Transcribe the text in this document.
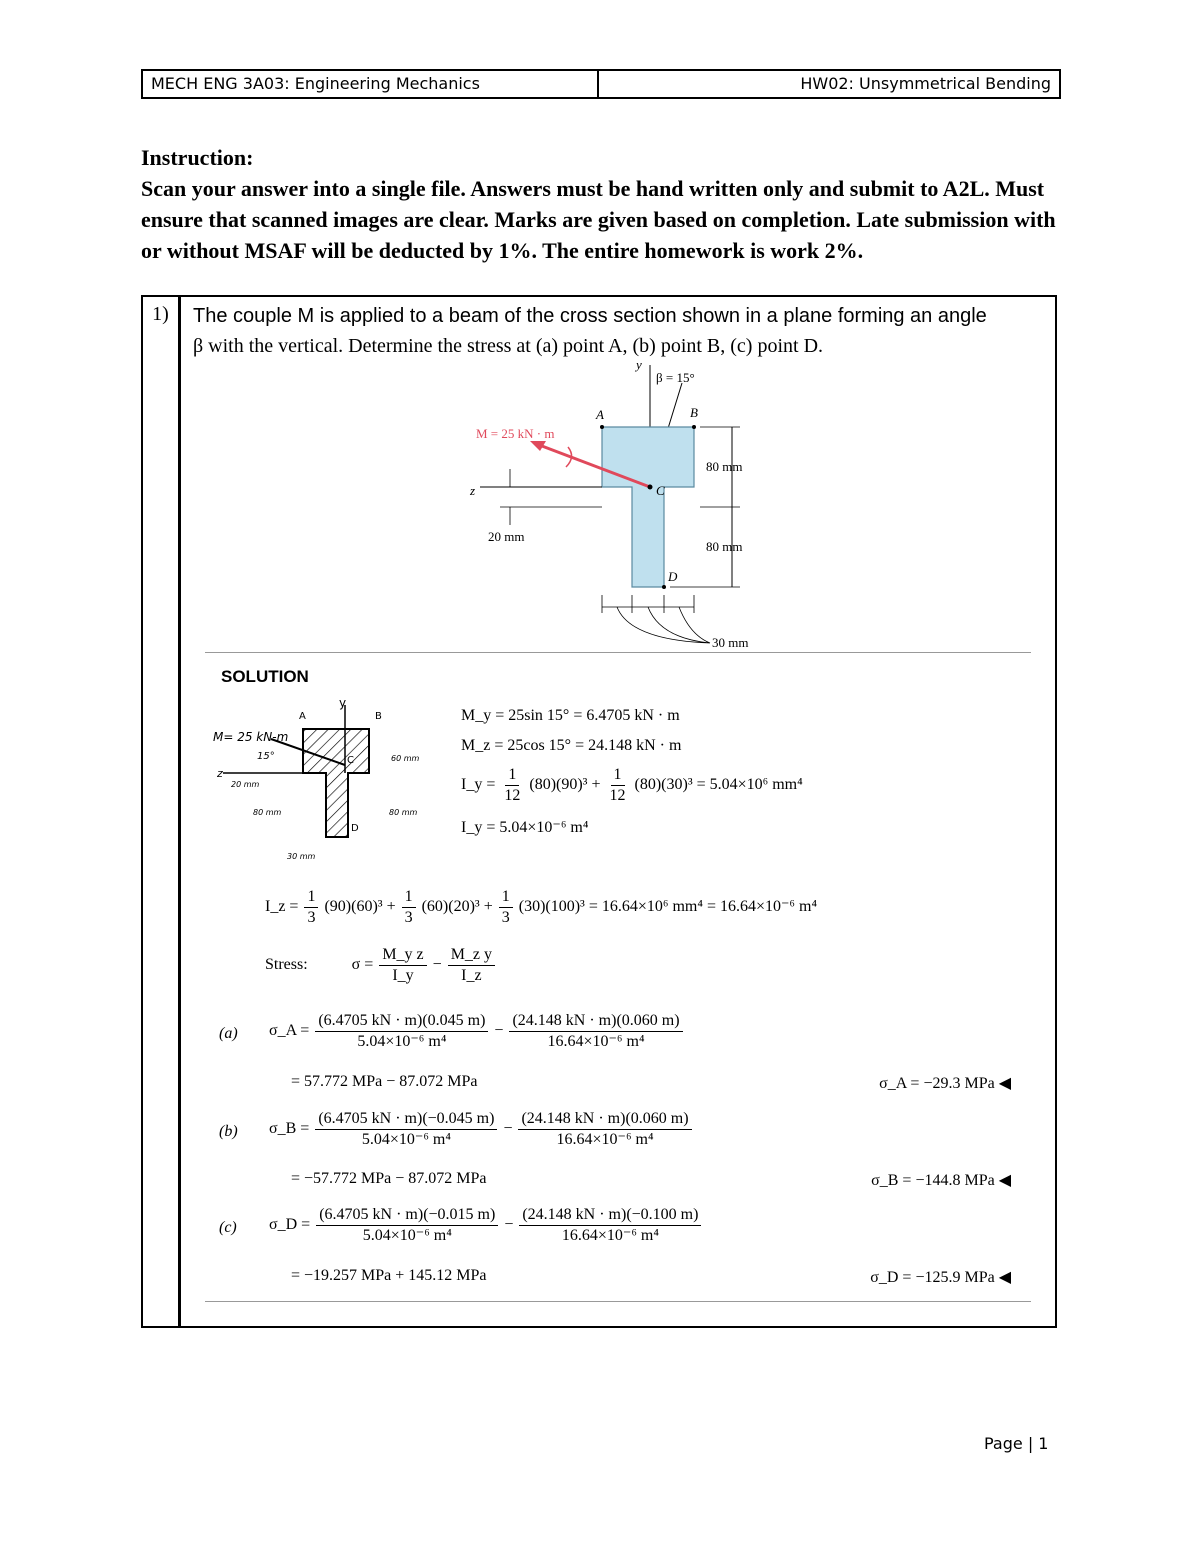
MECH ENG 3A03: Engineering Mechanics	HW02: Unsymmetrical Bending

Instruction:

Scan your answer into a single file. Answers must be hand written only and submit to A2L. Must ensure that scanned images are clear. Marks are given based on completion. Late submission with or without MSAF will be deducted by 1%. The entire homework is work 2%.

1)	The couple M is applied to a beam of the cross section shown in a plane forming an angle
β with the vertical. Determine the stress at (a) point A, (b) point B, (c) point D.
y
β = 15°
z
M = 25 kN · m
A	B
C
D
80 mm
80 mm
20 mm
30 mm
SOLUTION
M= 25 kN-m
15°
z
20 mm
80 mm	80 mm
60 mm
30 mm
A	B
y
C
D
M_y = 25sin 15° = 6.4705 kN · m
M_z = 25cos 15° = 24.148 kN · m
I_y = $\frac{1}{12} (80)(90)^3 + \frac{1}{12} (80)(30)^3 = 5.04\times 10^6$ mm⁴
I_y = 5.04×10⁻⁶ m⁴
I_z = $\frac{1}{3} (90)(60)^3 + \frac{1}{3} (60)(20)^3 + \frac{1}{3} (30)(100)^3 = 16.64\times 10^6$ mm⁴ = 16.64×10⁻⁶ m⁴
Stress:	$\sigma = \frac{\text{M\_y z}}{I\_y} - \frac{\text{M\_z y}}{I\_z}$
(a) σ_A = $\frac{(6.4705 kN \cdot m)(0.045 m)}{\text{5.04×10⁻⁶ m⁴}} - \frac{(24.148 kN \cdot m)(0.060 m)}{\text{16.64×10⁻⁶ m⁴}}$
= 57.772 MPa − 87.072 MPa	σ_A = −29.3 MPa ◀
(b) σ_B = $\frac{(6.4705 kN \cdot m)(-0.045 m)}{\text{5.04×10⁻⁶ m⁴}} - \frac{(24.148 kN \cdot m)(0.060 m)}{\text{16.64×10⁻⁶ m⁴}}$
= −57.772 MPa − 87.072 MPa	σ_B = −144.8 MPa ◀
(c) σ_D = $\frac{(6.4705 kN \cdot m)(-0.015 m)}{\text{5.04×10⁻⁶ m⁴}} - \frac{(24.148 kN \cdot m)(-0.100 m)}{\text{16.64×10⁻⁶ m⁴}}$
= −19.257 MPa + 145.12 MPa	σ_D = −125.9 MPa ◀
Page | 1
